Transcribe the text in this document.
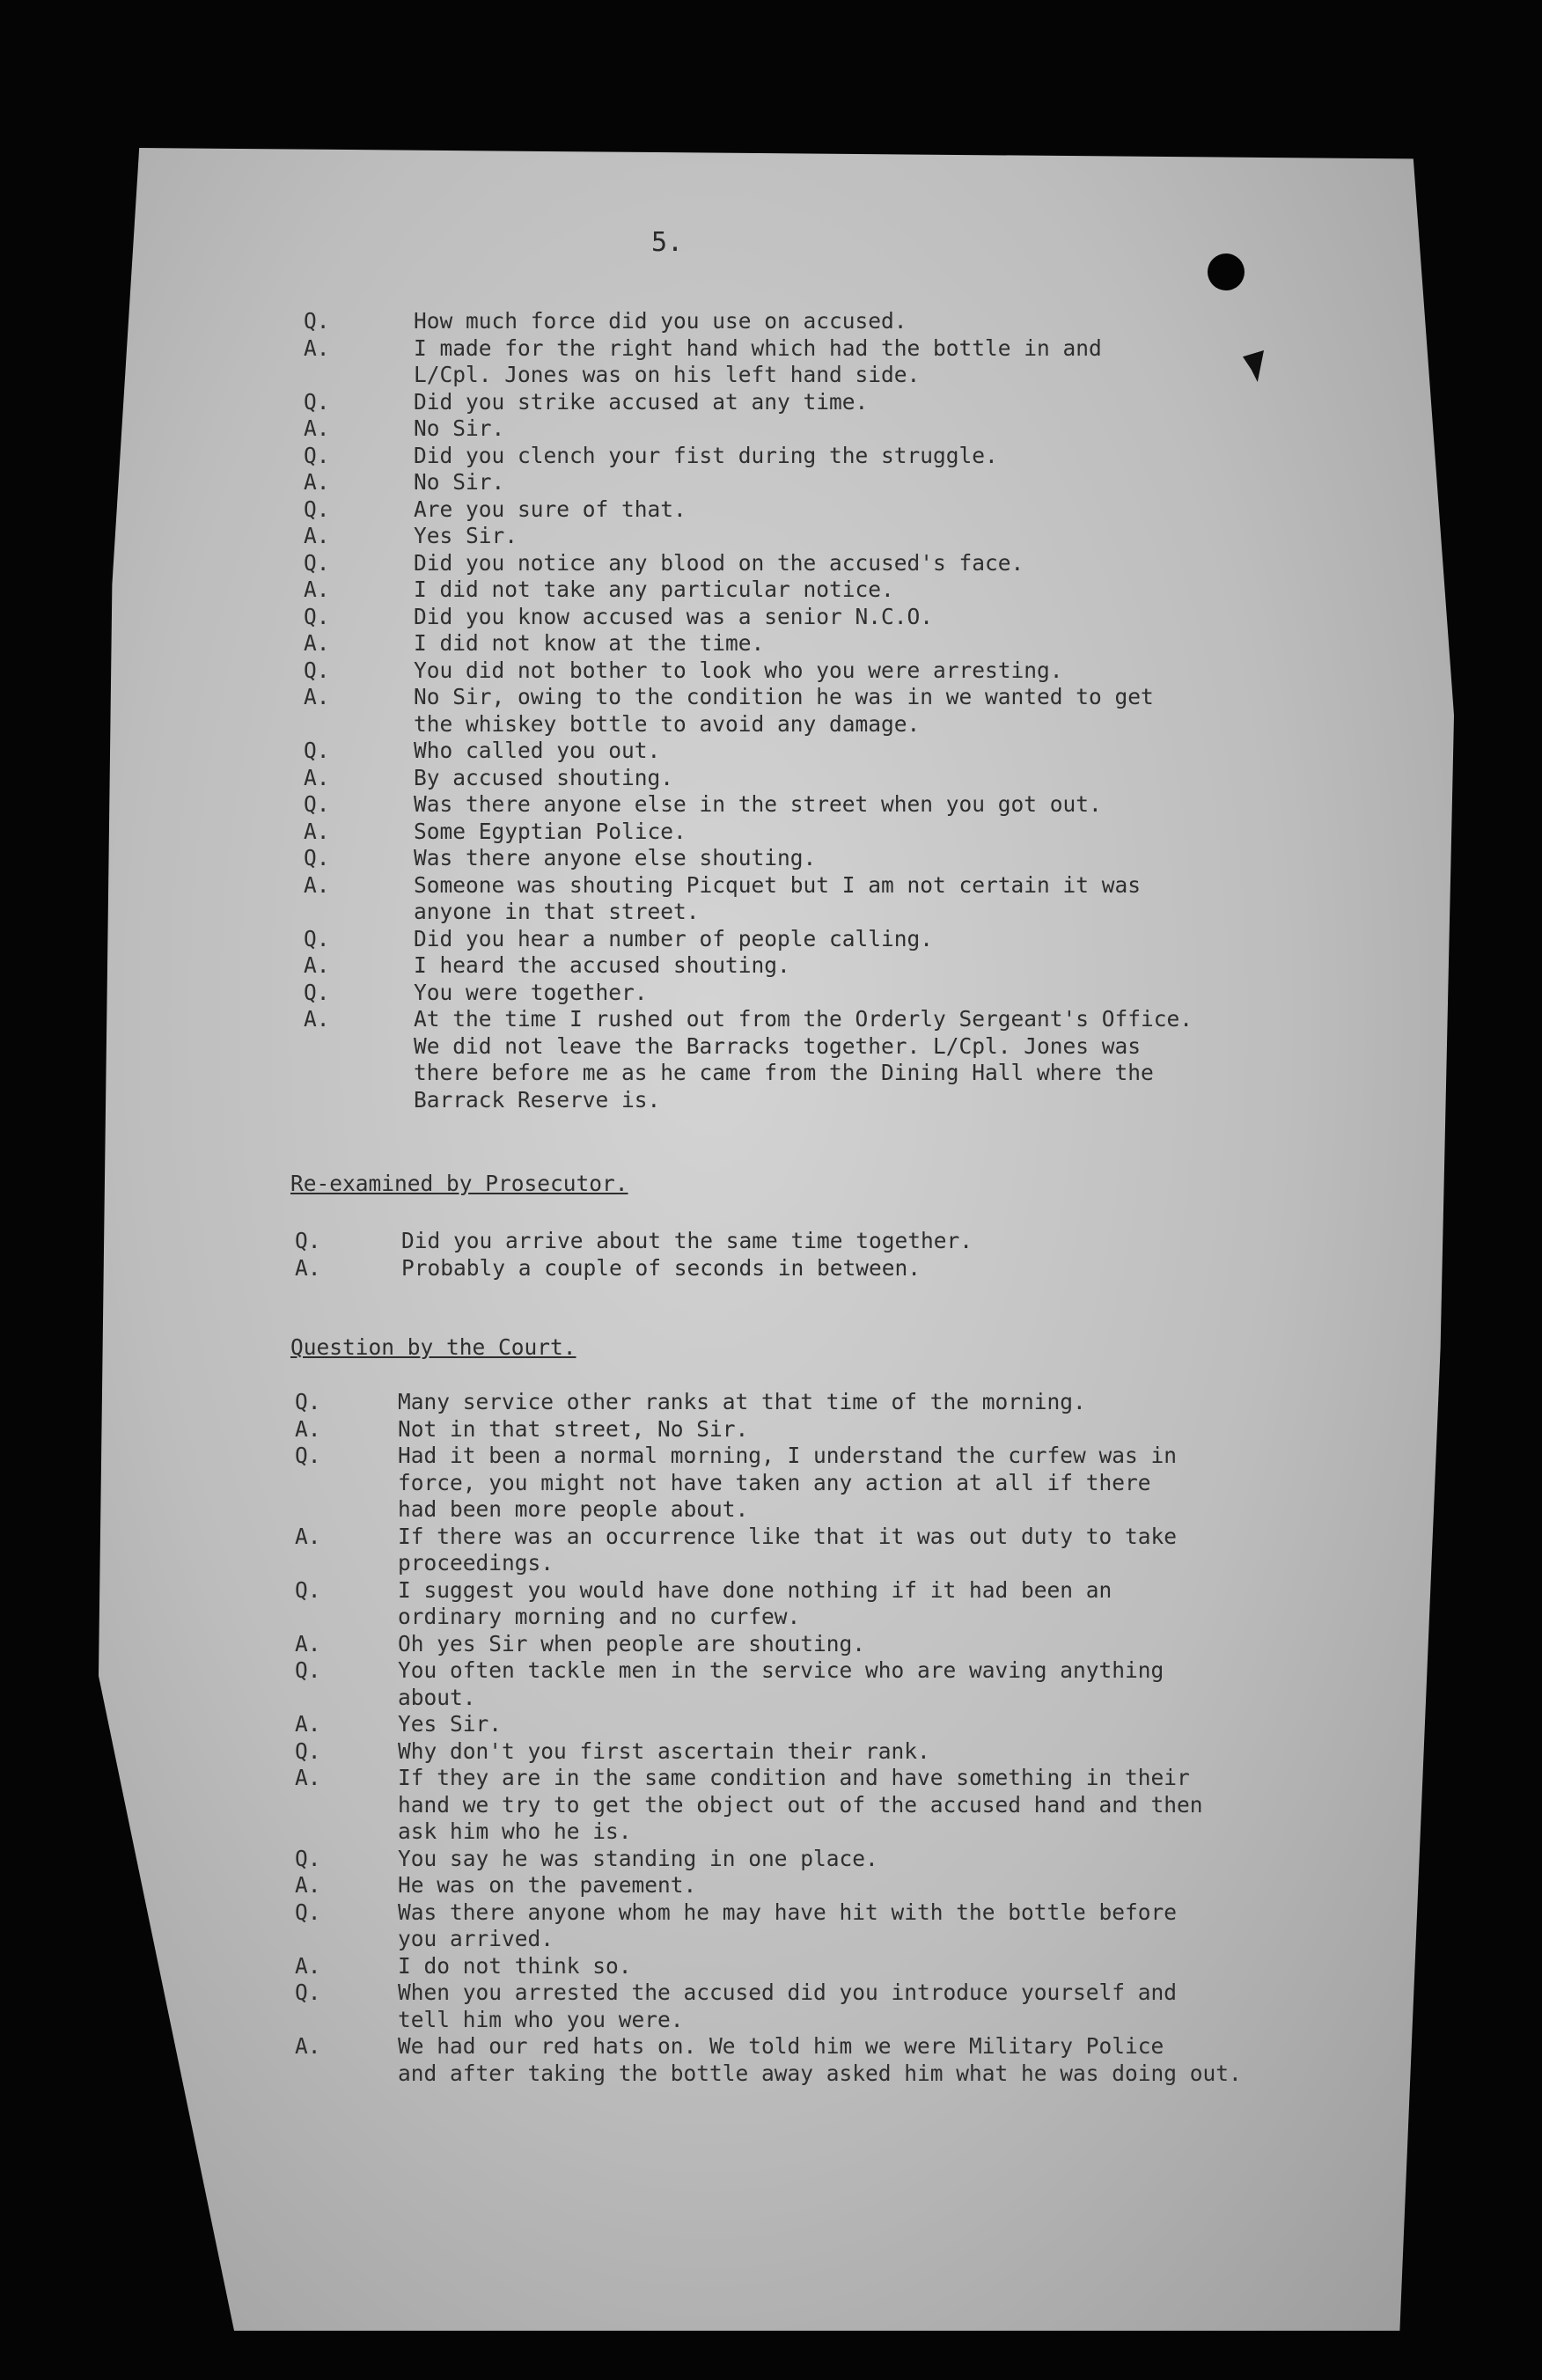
5.
Q.	How much force did you use on accused.
A.	I made for the right hand which had the bottle in and
L/Cpl. Jones was on his left hand side.
Q.	Did you strike accused at any time.
A.	No Sir.
Q.	Did you clench your fist during the struggle.
A.	No Sir.
Q.	Are you sure of that.
A.	Yes Sir.
Q.	Did you notice any blood on the accused's face.
A.	I did not take any particular notice.
Q.	Did you know accused was a senior N.C.O.
A.	I did not know at the time.
Q.	You did not bother to look who you were arresting.
A.	No Sir, owing to the condition he was in we wanted to get
the whiskey bottle to avoid any damage.
Q.	Who called you out.
A.	By accused shouting.
Q.	Was there anyone else in the street when you got out.
A.	Some Egyptian Police.
Q.	Was there anyone else shouting.
A.	Someone was shouting Picquet but I am not certain it was
anyone in that street.
Q.	Did you hear a number of people calling.
A.	I heard the accused shouting.
Q.	You were together.
A.	At the time I rushed out from the Orderly Sergeant's Office.
We did not leave the Barracks together. L/Cpl. Jones was
there before me as he came from the Dining Hall where the
Barrack Reserve is.
Re-examined by Prosecutor.
Q.	Did you arrive about the same time together.
A.	Probably a couple of seconds in between.
Question by the Court.
Q.	Many service other ranks at that time of the morning.
A.	Not in that street, No Sir.
Q.	Had it been a normal morning, I understand the curfew was in
force, you might not have taken any action at all if there
had been more people about.
A.	If there was an occurrence like that it was out duty to take
proceedings.
Q.	I suggest you would have done nothing if it had been an
ordinary morning and no curfew.
A.	Oh yes Sir when people are shouting.
Q.	You often tackle men in the service who are waving anything
about.
A.	Yes Sir.
Q.	Why don't you first ascertain their rank.
A.	If they are in the same condition and have something in their
hand we try to get the object out of the accused hand and then
ask him who he is.
Q.	You say he was standing in one place.
A.	He was on the pavement.
Q.	Was there anyone whom he may have hit with the bottle before
you arrived.
A.	I do not think so.
Q.	When you arrested the accused did you introduce yourself and
tell him who you were.
A.	We had our red hats on. We told him we were Military Police
and after taking the bottle away asked him what he was doing out.
